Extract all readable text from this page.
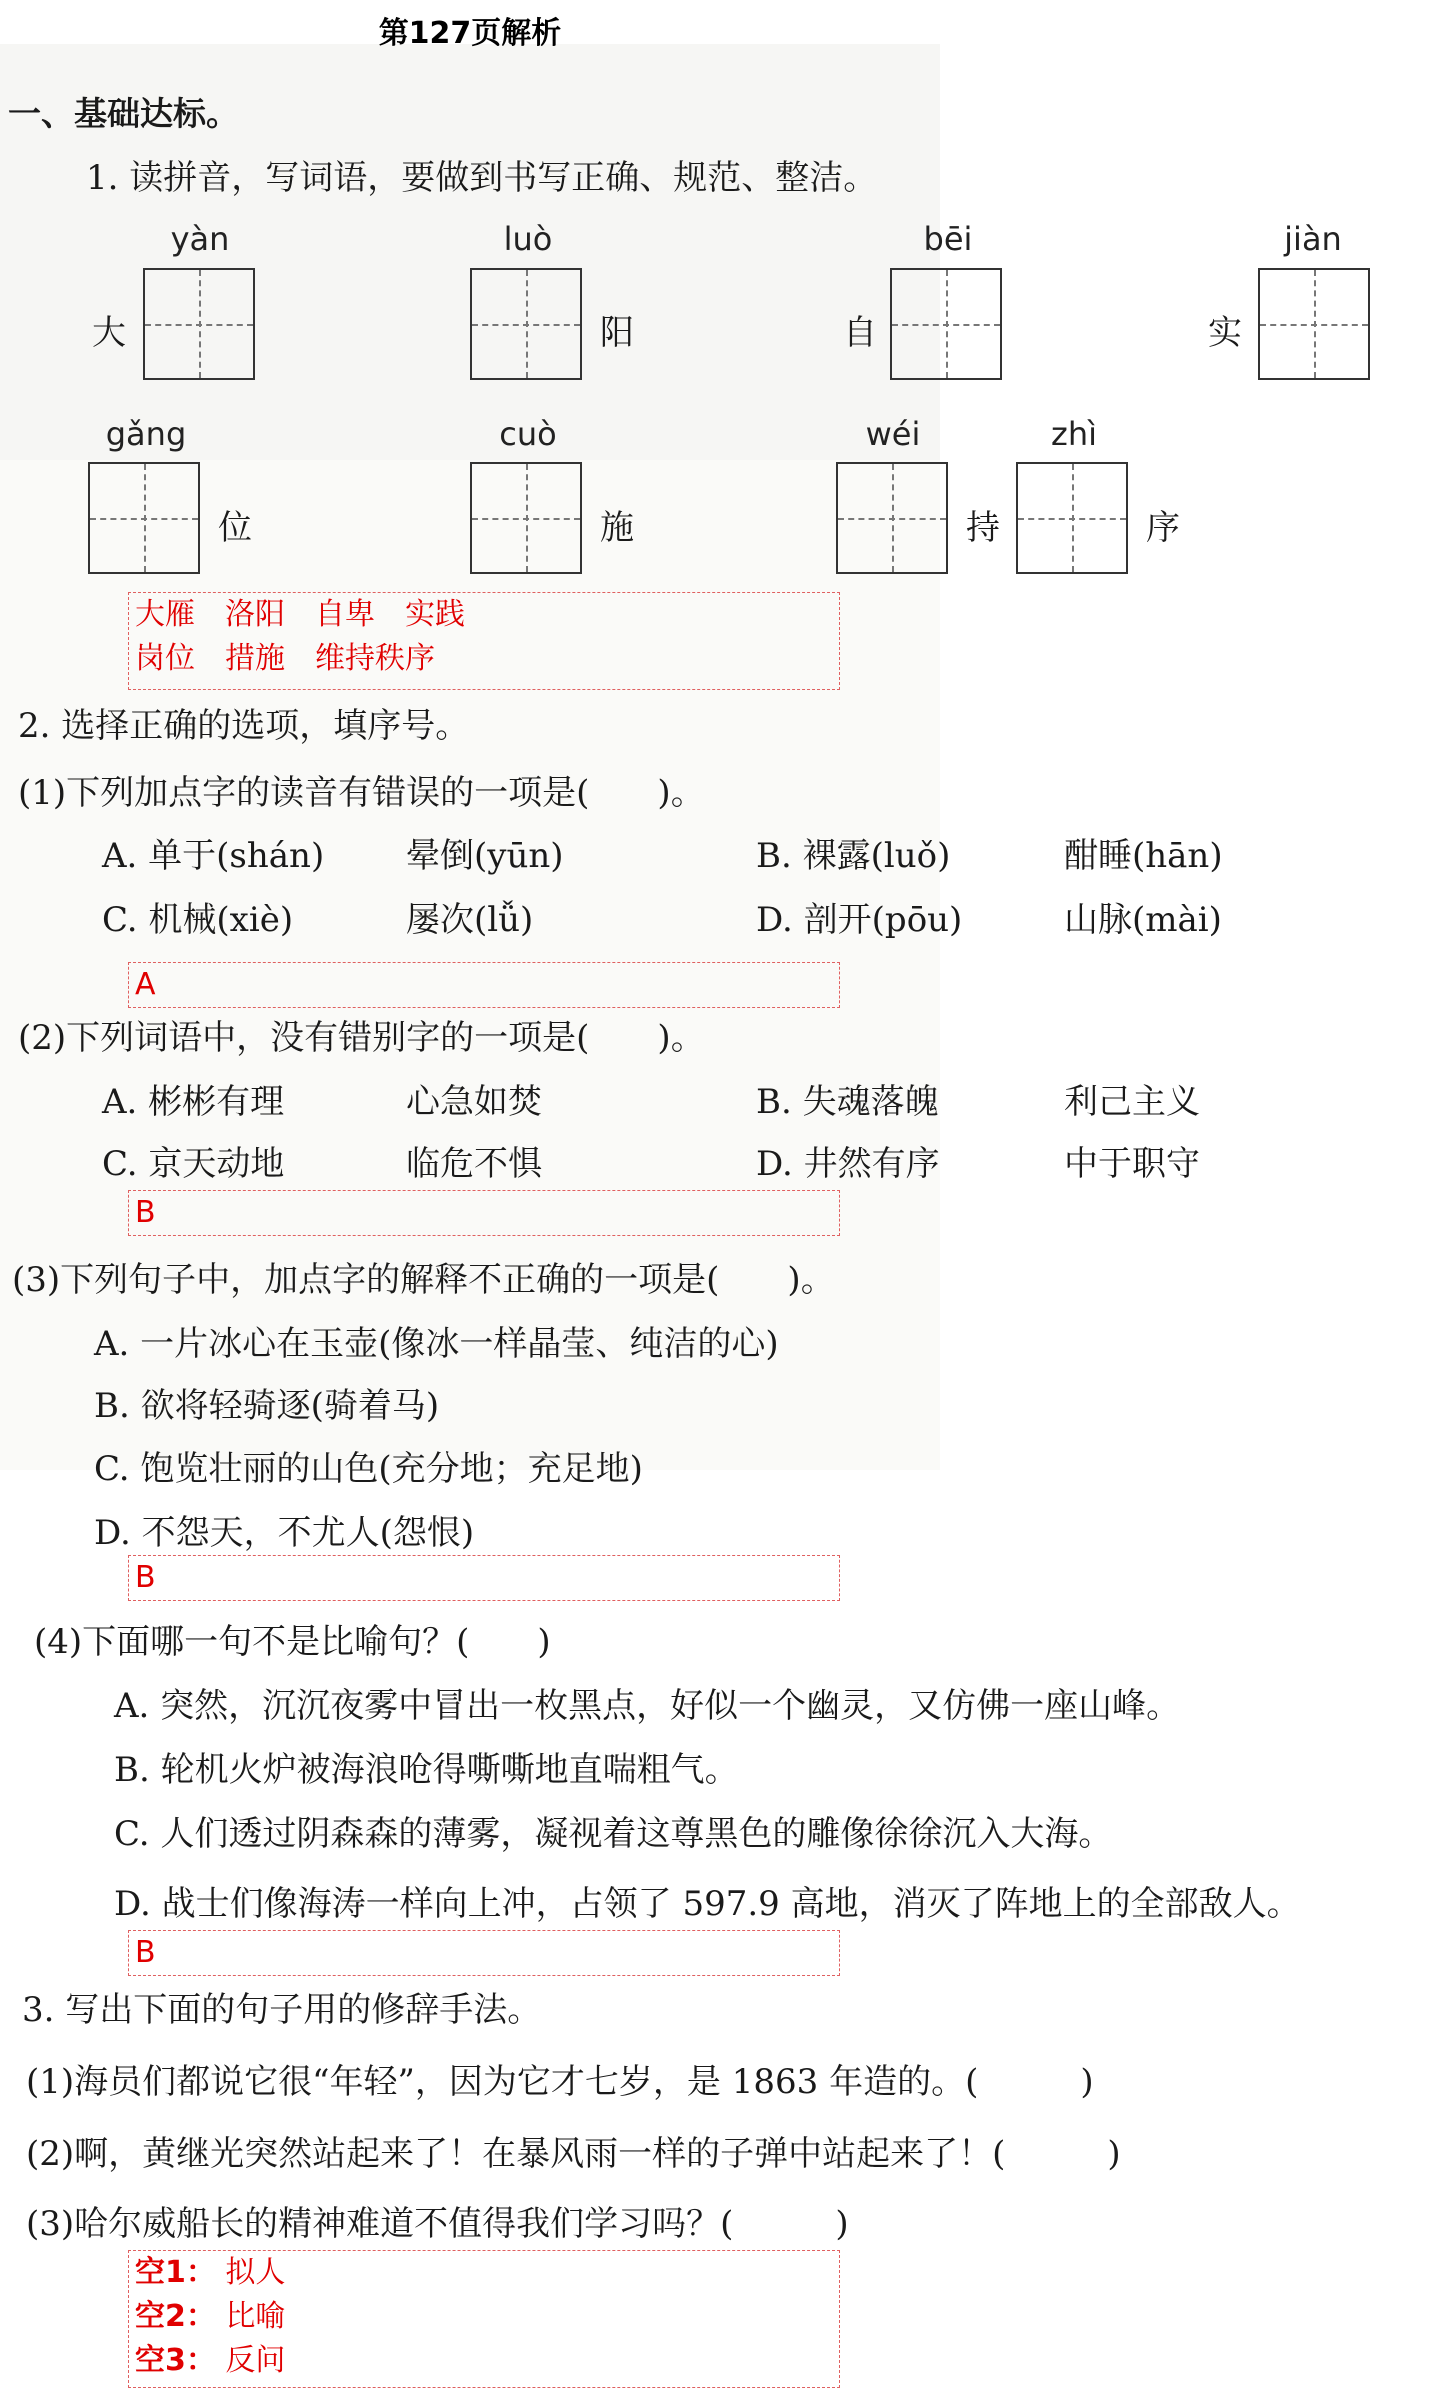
第127页解析
一、基础达标。
1. 读拼音，写词语，要做到书写正确、规范、整洁。
yàn
大
luò
阳
bēi
自
jiàn
实
gǎng
位
cuò
施
wéi
持
zhì
序
大雁　洛阳　自卑　实践
岗位　措施　维持秩序
2. 选择正确的选项，填序号。
(1)下列加点字的读音有错误的一项是(　　)。
A. 单于(shán) 晕倒(yūn)	B. 裸露(luǒ)	酣睡(hān)
C. 机械(xiè)	屡次(lǚ)	D. 剖开(pōu)	山脉(mài)
A
(2)下列词语中，没有错别字的一项是(　　)。
A. 彬彬有理	心急如焚	B. 失魂落魄	利己主义
C. 京天动地	临危不惧	D. 井然有序	中于职守
B
(3)下列句子中，加点字的解释不正确的一项是(　　)。
A. 一片冰心在玉壶(像冰一样晶莹、纯洁的心)
B. 欲将轻骑逐(骑着马)
C. 饱览壮丽的山色(充分地；充足地)
D. 不怨天，不尤人(怨恨)
B
(4)下面哪一句不是比喻句？(　　)
A. 突然，沉沉夜雾中冒出一枚黑点，好似一个幽灵，又仿佛一座山峰。
B. 轮机火炉被海浪呛得嘶嘶地直喘粗气。
C. 人们透过阴森森的薄雾，凝视着这尊黑色的雕像徐徐沉入大海。
D. 战士们像海涛一样向上冲，占领了 597.9 高地，消灭了阵地上的全部敌人。
B
3. 写出下面的句子用的修辞手法。
(1)海员们都说它很“年轻”，因为它才七岁，是 1863 年造的。(　　　)
(2)啊，黄继光突然站起来了！在暴风雨一样的子弹中站起来了！(　　　)
(3)哈尔威船长的精神难道不值得我们学习吗？(　　　)
空1： 拟人
空2： 比喻
空3： 反问
